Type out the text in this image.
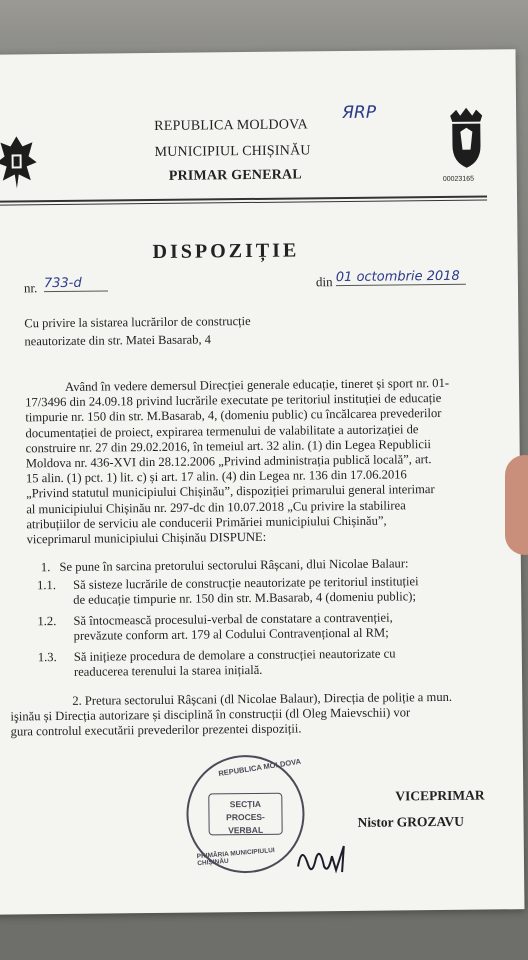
REPUBLICA MOLDOVA
MUNICIPIUL CHIȘINĂU
PRIMAR GENERAL
ЯRP
00023165
DISPOZIȚIE
nr. 733-d	din 01 octombrie 2018
Cu privire la sistarea lucrărilor de construcție
neautorizate din str. Matei Basarab, 4
Având în vedere demersul Direcției generale educație, tineret și sport nr. 01-
17/3496 din 24.09.18 privind lucrările executate pe teritoriul instituției de educație
timpurie nr. 150 din str. M.Basarab, 4, (domeniu public) cu încălcarea prevederilor
documentației de proiect, expirarea termenului de valabilitate a autorizației de
construire nr. 27 din 29.02.2016, în temeiul art. 32 alin. (1) din Legea Republicii
Moldova nr. 436-XVI din 28.12.2006 „Privind administrația publică locală”, art.
15 alin. (1) pct. 1) lit. c) și art. 17 alin. (4) din Legea nr. 136 din 17.06.2016
„Privind statutul municipiului Chișinău”, dispoziției primarului general interimar
al municipiului Chișinău nr. 297-dc din 10.07.2018 „Cu privire la stabilirea
atribuțiilor de serviciu ale conducerii Primăriei municipiului Chișinău”,
viceprimarul municipiului Chișinău DISPUNE:
1. Se pune în sarcina pretorului sectorului Râșcani, dlui Nicolae Balaur:
1.1. Să sisteze lucrările de construcție neautorizate pe teritoriul instituției
de educație timpurie nr. 150 din str. M.Basarab, 4 (domeniu public);
1.2. Să întocmească procesului-verbal de constatare a contravenției,
prevăzute conform art. 179 al Codului Contravențional al RM;
1.3. Să inițieze procedura de demolare a construcției neautorizate cu
readucerea terenului la starea inițială.
2. Pretura sectorului Râșcani (dl Nicolae Balaur), Direcția de poliție a mun.
işinău și Direcția autorizare și disciplină în construcții (dl Oleg Maievschii) vor
gura controlul executării prevederilor prezentei dispoziții.
REPUBLICA MOLDOVA
SECȚIA
PROCES-VERBAL
PRIMĂRIA MUNICIPIULUI CHIȘINĂU
VICEPRIMAR
Nistor GROZAVU
